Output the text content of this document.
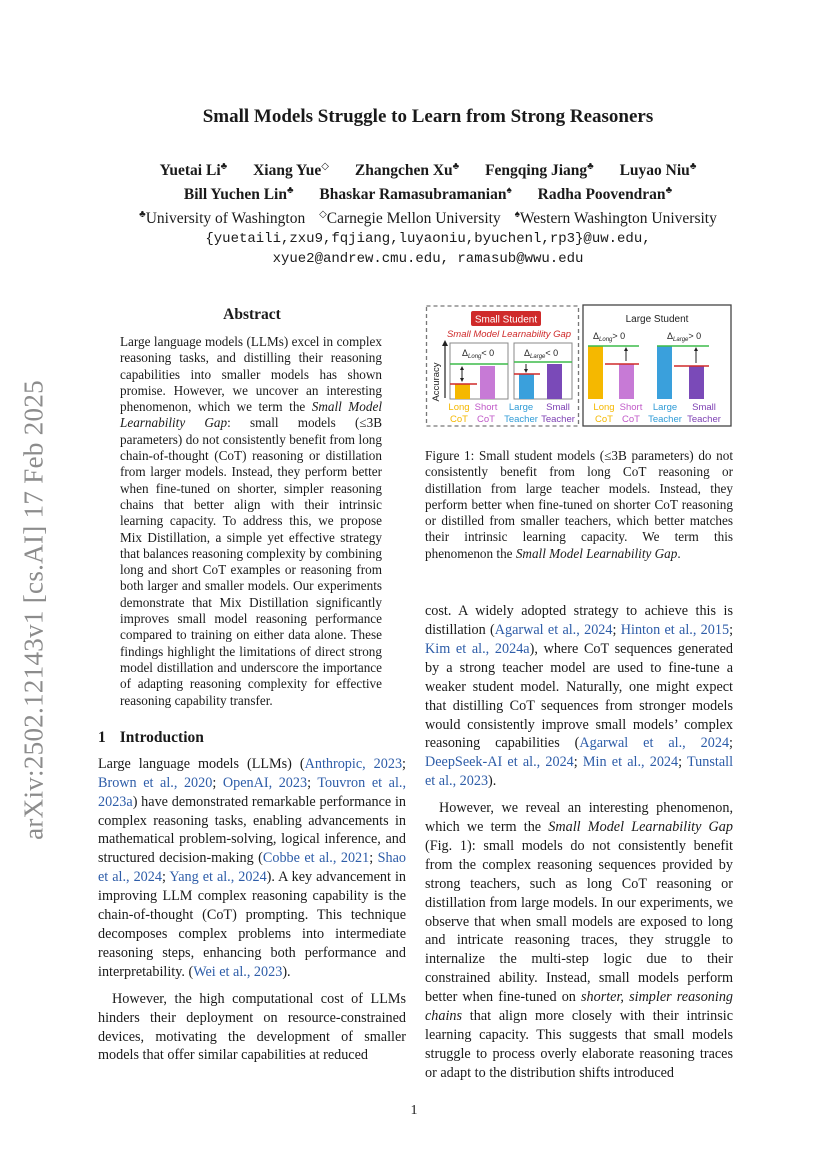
arXiv:2502.12143v1 [cs.AI] 17 Feb 2025
Small Models Struggle to Learn from Strong Reasoners
Yuetai Li♣ Xiang Yue◇ Zhangchen Xu♣ Fengqing Jiang♣ Luyao Niu♣
Bill Yuchen Lin♣ Bhaskar Ramasubramanian♠ Radha Poovendran♣
♣University of Washington ◇Carnegie Mellon University ♠Western Washington University
{yuetaili,zxu9,fqjiang,luyaoniu,byuchenl,rp3}@uw.edu,
xyue2@andrew.cmu.edu, ramasub@wwu.edu
Abstract
Large language models (LLMs) excel in complex reasoning tasks, and distilling their reasoning capabilities into smaller models has shown promise. However, we uncover an interesting phenomenon, which we term the Small Model Learnability Gap: small models (≤3B parameters) do not consistently benefit from long chain-of-thought (CoT) reasoning or distillation from larger models. Instead, they perform better when fine-tuned on shorter, simpler reasoning chains that better align with their intrinsic learning capacity. To address this, we propose Mix Distillation, a simple yet effective strategy that balances reasoning complexity by combining long and short CoT examples or reasoning from both larger and smaller models. Our experiments demonstrate that Mix Distillation significantly improves small model reasoning performance compared to training on either data alone. These findings highlight the limitations of direct strong model distillation and underscore the importance of adapting reasoning complexity for effective reasoning capability transfer.
1 Introduction

Large language models (LLMs) (Anthropic, 2023; Brown et al., 2020; OpenAI, 2023; Touvron et al., 2023a) have demonstrated remarkable performance in complex reasoning tasks, enabling advancements in mathematical problem-solving, logical inference, and structured decision-making (Cobbe et al., 2021; Shao et al., 2024; Yang et al., 2024). A key advancement in improving LLM complex reasoning capability is the chain-of-thought (CoT) prompting. This technique decomposes complex problems into intermediate reasoning steps, enhancing both performance and interpretability. (Wei et al., 2023).

However, the high computational cost of LLMs hinders their deployment on resource-constrained devices, motivating the development of smaller models that offer similar capabilities at reduced

Small Student
Small Model Learnability Gap
Accuracy
$\Delta_{Long}< 0$	$\Delta_{Large}< 0$
Long
CoT
Short
CoT
Large
Teacher
Small
Teacher
Large Student
$\Delta_{Long}> 0$	$\Delta_{Large}> 0$
Long
CoT
Short
CoT
Large
Teacher
Small
Teacher
Figure 1: Small student models (≤3B parameters) do not consistently benefit from long CoT reasoning or distillation from large teacher models. Instead, they perform better when fine-tuned on shorter CoT reasoning or distilled from smaller teachers, which better matches their intrinsic learning capacity. We term this phenomenon the Small Model Learnability Gap.

cost. A widely adopted strategy to achieve this is distillation (Agarwal et al., 2024; Hinton et al., 2015; Kim et al., 2024a), where CoT sequences generated by a strong teacher model are used to fine-tune a weaker student model. Naturally, one might expect that distilling CoT sequences from stronger models would consistently improve small models’ complex reasoning capabilities (Agarwal et al., 2024; DeepSeek-AI et al., 2024; Min et al., 2024; Tunstall et al., 2023).

However, we reveal an interesting phenomenon, which we term the Small Model Learnability Gap (Fig. 1): small models do not consistently benefit from the complex reasoning sequences provided by strong teachers, such as long CoT reasoning or distillation from large models. In our experiments, we observe that when small models are exposed to long and intricate reasoning traces, they struggle to internalize the multi-step logic due to their constrained ability. Instead, small models perform better when fine-tuned on shorter, simpler reasoning chains that align more closely with their intrinsic learning capacity. This suggests that small models struggle to process overly elaborate reasoning traces or adapt to the distribution shifts introduced

1
